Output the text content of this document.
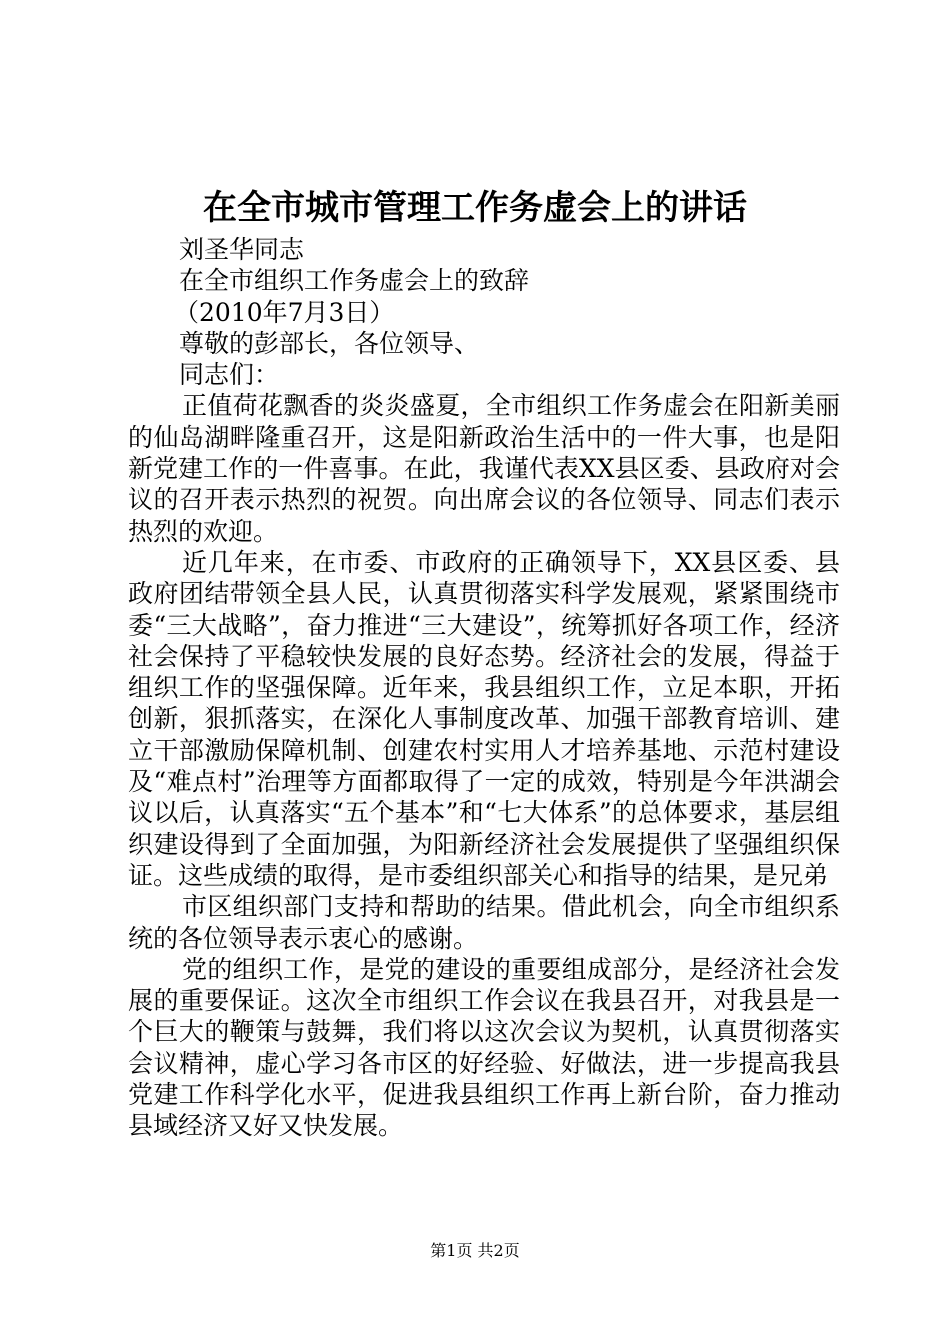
在全市城市管理工作务虚会上的讲话

刘圣华同志

在全市组织工作务虚会上的致辞

（2010年7月3日）

尊敬的彭部长，各位领导、

同志们：

正值荷花飘香的炎炎盛夏，全市组织工作务虚会在阳新美丽的仙岛湖畔隆重召开，这是阳新政治生活中的一件大事，也是阳新党建工作的一件喜事。在此，我谨代表XX县区委、县政府对会议的召开表示热烈的祝贺。向出席会议的各位领导、同志们表示热烈的欢迎。

近几年来，在市委、市政府的正确领导下，XX县区委、县政府团结带领全县人民，认真贯彻落实科学发展观，紧紧围绕市委“三大战略”，奋力推进“三大建设”，统筹抓好各项工作，经济社会保持了平稳较快发展的良好态势。经济社会的发展，得益于组织工作的坚强保障。近年来，我县组织工作，立足本职，开拓创新，狠抓落实，在深化人事制度改革、加强干部教育培训、建立干部激励保障机制、创建农村实用人才培养基地、示范村建设及“难点村”治理等方面都取得了一定的成效，特别是今年洪湖会议以后，认真落实“五个基本”和“七大体系”的总体要求，基层组织建设得到了全面加强，为阳新经济社会发展提供了坚强组织保证。这些成绩的取得，是市委组织部关心和指导的结果，是兄弟

市区组织部门支持和帮助的结果。借此机会，向全市组织系统的各位领导表示衷心的感谢。

党的组织工作，是党的建设的重要组成部分，是经济社会发展的重要保证。这次全市组织工作会议在我县召开，对我县是一个巨大的鞭策与鼓舞，我们将以这次会议为契机，认真贯彻落实会议精神，虚心学习各市区的好经验、好做法，进一步提高我县党建工作科学化水平，促进我县组织工作再上新台阶，奋力推动县域经济又好又快发展。

第1页 共2页
